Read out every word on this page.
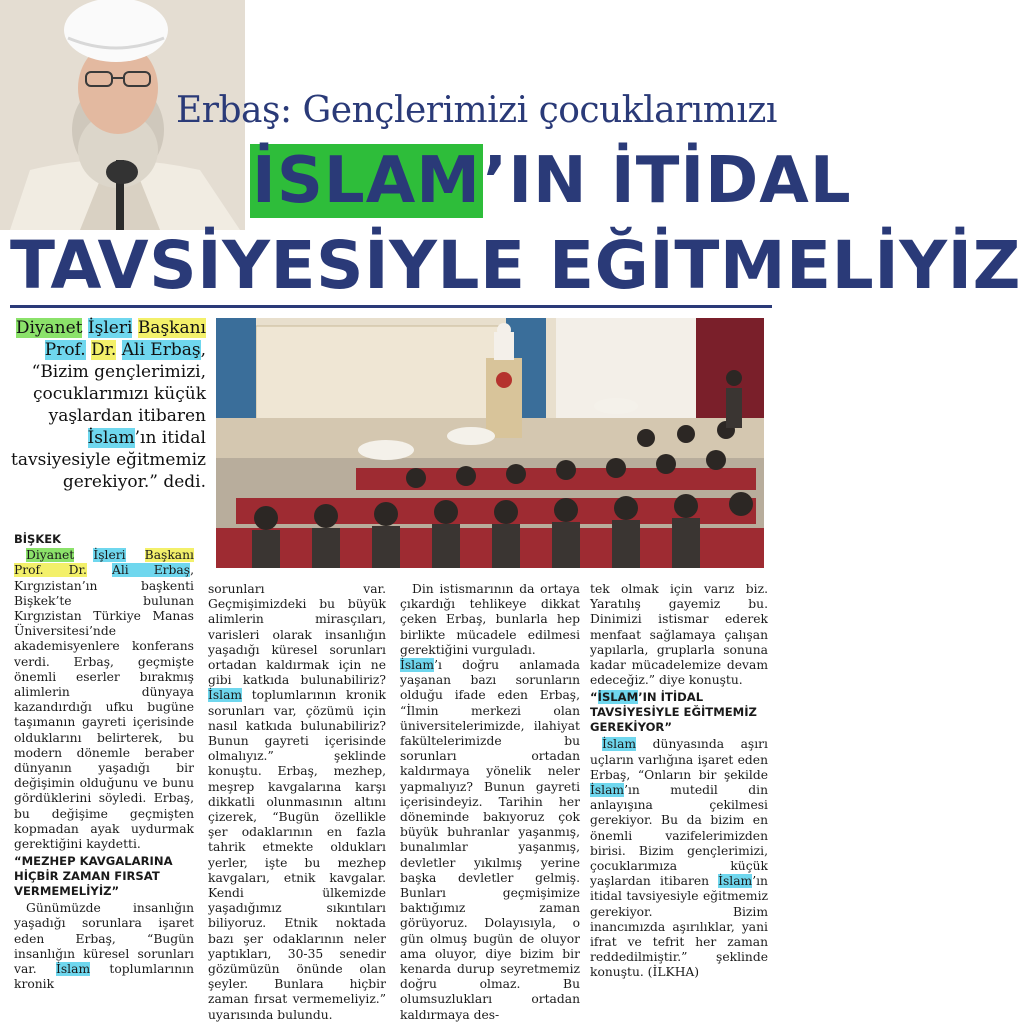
Erbaş: Gençlerimizi çocuklarımızı
İSLAM’IN İTİDAL
TAVSİYESİYLE EĞİTMELİYİZ
Diyanet İşleri Başkanı
Prof. Dr. Ali Erbaş,
“Bizim gençlerimizi, çocuklarımızı küçük yaşlardan itibaren İslam’ın itidal tavsiyesiyle eğitmemiz gerekiyor.” dedi.
BİŞKEK

Diyanet İşleri Başkanı Prof. Dr. Ali Erbaş, Kırgızistan’ın başkenti Bişkek’te bulunan Kırgızistan Türkiye Manas Üniversitesi’nde akademisyenlere konferans verdi. Erbaş, geçmişte önemli eserler bırakmış alimlerin dünyaya kazandırdığı ufku bugüne taşımanın gayreti içerisinde olduklarını belirterek, bu modern dönemle beraber dünyanın yaşadığı bir değişimin olduğunu ve bunu gördüklerini söyledi. Erbaş, bu değişime geçmişten kopmadan ayak uydurmak gerektiğini kaydetti.

“MEZHEP KAVGALARINA HİÇBİR ZAMAN FIRSAT VERMEMELİYİZ”

Günümüzde insanlığın yaşadığı sorunlara işaret eden Erbaş, “Bugün insanlığın küresel sorunları var. İslam toplumlarının kronik

sorunları var. Geçmişimizdeki bu büyük alimlerin mirasçıları, varisleri olarak insanlığın yaşadığı küresel sorunları ortadan kaldırmak için ne gibi katkıda bulunabiliriz? İslam toplumlarının kronik sorunları var, çözümü için nasıl katkıda bulunabiliriz? Bunun gayreti içerisinde olmalıyız.” şeklinde konuştu. Erbaş, mezhep, meşrep kavgalarına karşı dikkatli olunmasının altını çizerek, “Bugün özellikle şer odaklarının en fazla tahrik etmekte oldukları yerler, işte bu mezhep kavgaları, etnik kavgalar. Kendi ülkemizde yaşadığımız sıkıntıları biliyoruz. Etnik noktada bazı şer odaklarının neler yaptıkları, 30-35 senedir gözümüzün önünde olan şeyler. Bunlara hiçbir zaman fırsat vermemeliyiz.” uyarısında bulundu.

Din istismarının da ortaya çıkardığı tehlikeye dikkat çeken Erbaş, bunlarla hep birlikte mücadele edilmesi gerektiğini vurguladı.

İslam’ı doğru anlamada yaşanan bazı sorunların olduğu ifade eden Erbaş, “İlmin merkezi olan üniversitelerimizde, ilahiyat fakültelerimizde bu sorunları ortadan kaldırmaya yönelik neler yapmalıyız? Bunun gayreti içerisindeyiz. Tarihin her döneminde bakıyoruz çok büyük buhranlar yaşanmış, bunalımlar yaşanmış, devletler yıkılmış yerine başka devletler gelmiş. Bunları geçmişimize baktığımız zaman görüyoruz. Dolayısıyla, o gün olmuş bugün de oluyor ama oluyor, diye bizim bir kenarda durup seyretmemiz doğru olmaz. Bu olumsuzlukları ortadan kaldırmaya des-

tek olmak için varız biz. Yaratılış gayemiz bu. Dinimizi istismar ederek menfaat sağlamaya çalışan yapılarla, gruplarla sonuna kadar mücadelemize devam edeceğiz.” diye konuştu.

“İSLAM’IN İTİDAL TAVSİYESİYLE EĞİTMEMİZ GEREKİYOR”

İslam dünyasında aşırı uçların varlığına işaret eden Erbaş, “Onların bir şekilde İslam’ın mutedil din anlayışına çekilmesi gerekiyor. Bu da bizim en önemli vazifelerimizden birisi. Bizim gençlerimizi, çocuklarımıza küçük yaşlardan itibaren İslam’ın itidal tavsiyesiyle eğitmemiz gerekiyor. Bizim inancımızda aşırılıklar, yani ifrat ve tefrit her zaman reddedilmiştir.” şeklinde konuştu. (İLKHA)
